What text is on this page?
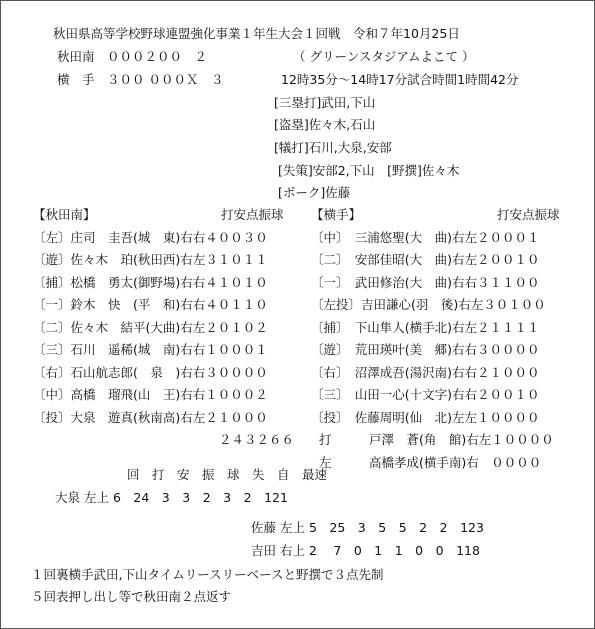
秋田県高等学校野球連盟強化事業１年生大会１回戦　令和７年10月25日
秋田南　０００２００　２	（ グリーンスタジアムよこて ）
横　手　３００ ０００Ｘ　３	12時35分～14時17分試合時間1時間42分
[三塁打]武田,下山
[盗塁]佐々木,石山
[犠打]石川,大泉,安部
[失策]安部2,下山　[野撰]佐々木
[ボーク]佐藤
【秋田南】	打安点振球
〔左〕庄司　圭吾(城　東)右右４００３０
〔遊〕佐々木　珀(秋田西)右左３１０１１
〔捕〕松橋　勇太(御野場)右右４１０１０
〔一〕鈴木　快　(平　和)右右４０１１０
〔二〕佐々木　結平(大曲)右左２０１０２
〔三〕石川　遥稀(城　南)右右１０００１
〔右〕石山航志郎(　泉　)右右３００００
〔中〕高橋　瑠飛(山　王)右右１０００２
〔投〕大泉　遊真(秋南高)右左２１０００
２４３２６６
【横手】	打安点振球
〔中〕　三浦悠聖(大　曲)右左２０００１
〔二〕　安部佳昭(大　曲)右左２００１０
〔一〕　武田修治(大　曲)右右３１１００
〔左投〕吉田謙心(羽　後)右左３０１００
〔捕〕　下山隼人(横手北)右左２１１１１
〔遊〕　荒田瑛叶(美　郷)右右３００００
〔右〕　沼澤成吾(湯沢南)右右２１０００
〔三〕　山田一心(十文字)右右２００１０
〔投〕　佐藤周明(仙　北)左左１００００
打　　　戸澤　蒼(角　館)右左１００００
左　　　高橋孝成(横手南)右　００００
回　打　安　振　球　失　自　最速
大泉 左上 6　24　3　3　2　3　2　121
佐藤 左上 5　25　3　5　5　2　2　123
吉田 右上 2　 7　0　1　1　0　0　118
１回裏横手武田,下山タイムリースリーベースと野撰で３点先制
５回表押し出し等で秋田南２点返す
